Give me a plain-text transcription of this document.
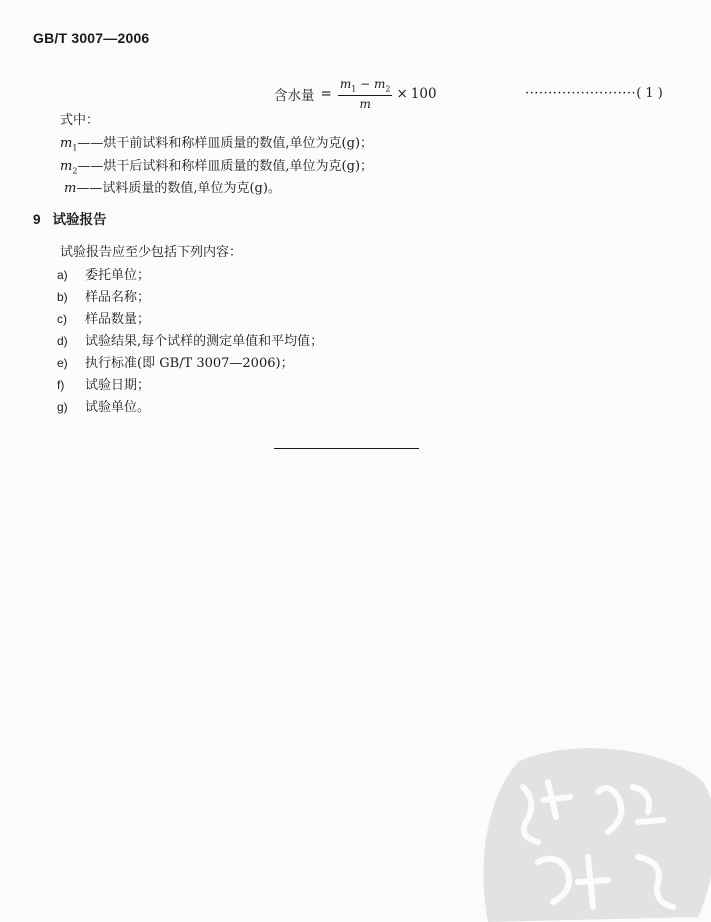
GB/T 3007—2006
含水量 = $\frac{m_1 - m_2}{m} \times 100$	························( 1 )
式中：
$m_1——$烘干前试料和称样皿质量的数值,单位为克(g)；
$m_2——$烘干后试料和称样皿质量的数值,单位为克(g)；
m——试料质量的数值,单位为克(g)。
9 试验报告
试验报告应至少包括下列内容：
a) 委托单位；
b) 样品名称；
c) 样品数量；
d) 试验结果,每个试样的测定单值和平均值；
e) 执行标准(即 GB/T 3007—2006)；
f) 试验日期；
g) 试验单位。
